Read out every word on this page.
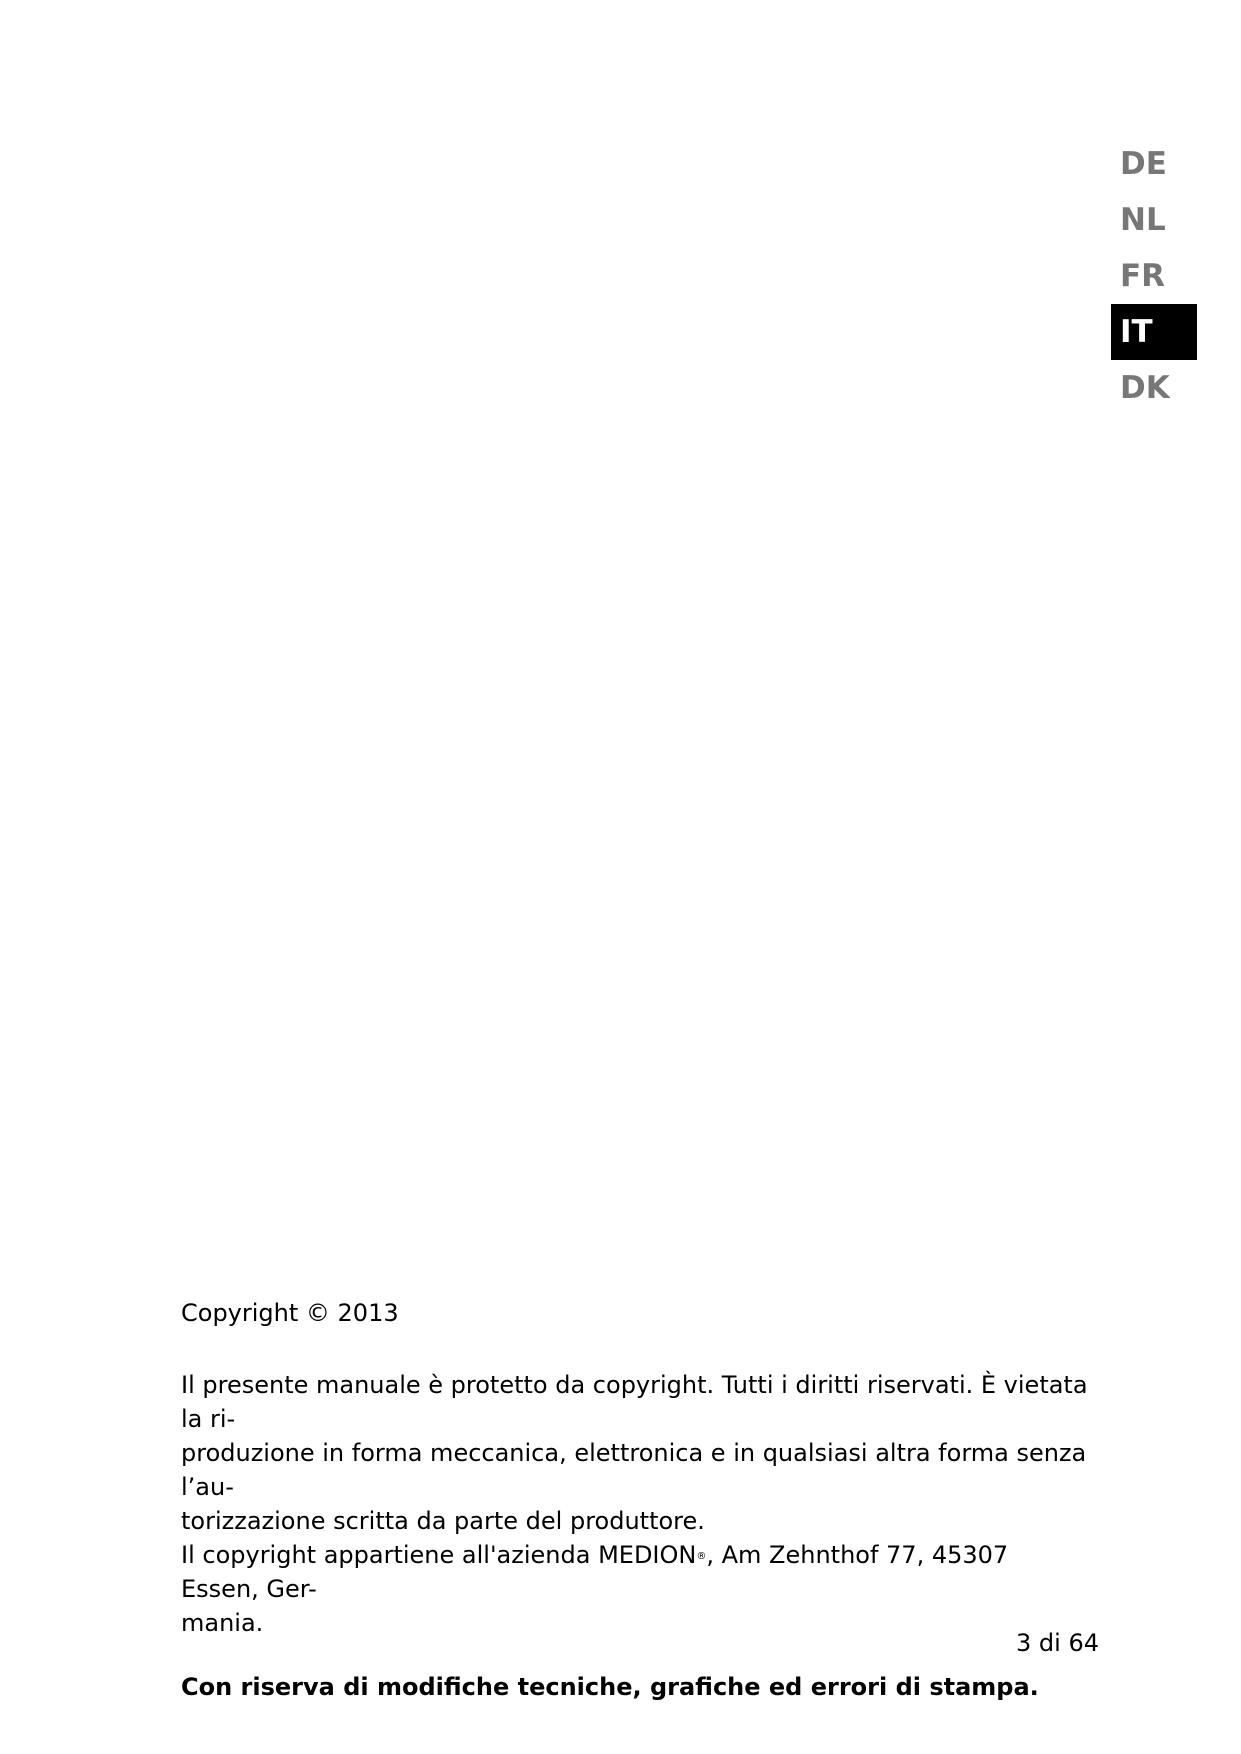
DE
NL
FR
IT
DK

Copyright © 2013

Il presente manuale è protetto da copyright. Tutti i diritti riservati. È vietata la ri-
produzione in forma meccanica, elettronica e in qualsiasi altra forma senza l’au-
torizzazione scritta da parte del produttore.

Il copyright appartiene all'azienda MEDION®, Am Zehnthof 77, 45307 Essen, Ger-
mania.

Con riserva di modifiche tecniche, grafiche ed errori di stampa.

3 di 64
